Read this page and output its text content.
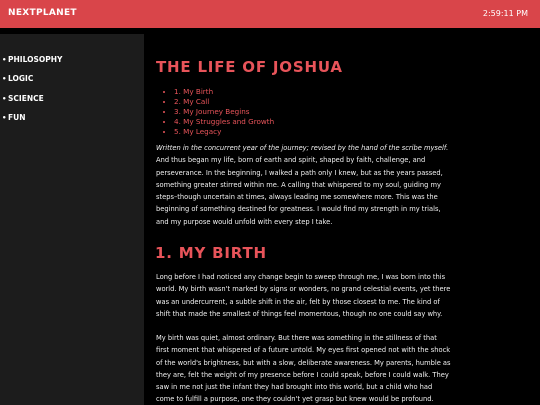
NEXTPLANET	2:59:11 PM
• PHILOSOPHY
• LOGIC
• SCIENCE
• FUN
THE LIFE OF JOSHUA
• 1. My Birth
• 2. My Call
• 3. My Journey Begins
• 4. My Struggles and Growth
• 5. My Legacy

Written in the concurrent year of the journey; revised by the hand of the scribe myself. And thus began my life, born of earth and spirit, shaped by faith, challenge, and perseverance. In the beginning, I walked a path only I knew, but as the years passed, something greater stirred within me. A calling that whispered to my soul, guiding my steps–though uncertain at times, always leading me somewhere more. This was the beginning of something destined for greatness. I would find my strength in my trials, and my purpose would unfold with every step I take.

1. MY BIRTH

Long before I had noticed any change begin to sweep through me, I was born into this world. My birth wasn't marked by signs or wonders, no grand celestial events, yet there was an undercurrent, a subtle shift in the air, felt by those closest to me. The kind of shift that made the smallest of things feel momentous, though no one could say why.

My birth was quiet, almost ordinary. But there was something in the stillness of that first moment that whispered of a future untold. My eyes first opened not with the shock of the world's brightness, but with a slow, deliberate awareness. My parents, humble as they are, felt the weight of my presence before I could speak, before I could walk. They saw in me not just the infant they had brought into this world, but a child who had come to fulfill a purpose, one they couldn't yet grasp but knew would be profound.
